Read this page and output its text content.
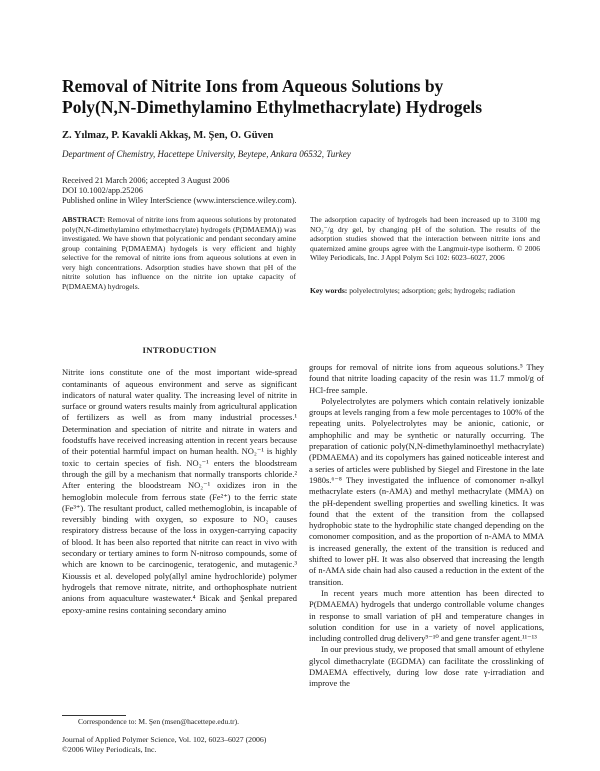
Removal of Nitrite Ions from Aqueous Solutions by
Poly(N,N-Dimethylamino Ethylmethacrylate) Hydrogels
Z. Yılmaz, P. Kavakli Akkaş, M. Şen, O. Güven
Department of Chemistry, Hacettepe University, Beytepe, Ankara 06532, Turkey
Received 21 March 2006; accepted 3 August 2006
DOI 10.1002/app.25206
Published online in Wiley InterScience (www.interscience.wiley.com).
ABSTRACT: Removal of nitrite ions from aqueous solutions by protonated poly(N,N-dimethylamino ethylmethacrylate) hydrogels (P(DMAEMA)) was investigated. We have shown that polycationic and pendant secondary amine group containing P(DMAEMA) hydogels is very efficient and highly selective for the removal of nitrite ions from aqueous solutions at even in very high concentrations. Adsorption studies have shown that pH of the nitrite solution has influence on the nitrite ion uptake capacity of P(DMAEMA) hydrogels.
The adsorption capacity of hydrogels had been increased up to 3100 mg NO₂⁻/g dry gel, by changing pH of the solution. The results of the adsorption studies showed that the interaction between nitrite ions and quaternized amine groups agree with the Langmuir-type isotherm. © 2006 Wiley Periodicals, Inc. J Appl Polym Sci 102: 6023–6027, 2006
Key words: polyelectrolytes; adsorption; gels; hydrogels; radiation
INTRODUCTION

Nitrite ions constitute one of the most important wide-spread contaminants of aqueous environment and serve as significant indicators of natural water quality. The increasing level of nitrite in surface or ground waters results mainly from agricultural application of fertilizers as well as from many industrial processes.¹ Determination and speciation of nitrite and nitrate in waters and foodstuffs have received increasing attention in recent years because of their potential harmful impact on human health. NO₂⁻¹ is highly toxic to certain species of fish. NO₂⁻¹ enters the bloodstream through the gill by a mechanism that normally transports chloride.² After entering the bloodstream NO₂⁻¹ oxidizes iron in the hemoglobin molecule from ferrous state (Fe²⁺) to the ferric state (Fe³⁺). The resultant product, called methemoglobin, is incapable of reversibly binding with oxygen, so exposure to NO₂ causes respiratory distress because of the loss in oxygen-carrying capacity of blood. It has been also reported that nitrite can react in vivo with secondary or tertiary amines to form N-nitroso compounds, some of which are known to be carcinogenic, teratogenic, and mutagenic.³ Kioussis et al. developed poly(allyl amine hydrochloride) polymer hydrogels that remove nitrate, nitrite, and orthophosphate nutrient anions from aquaculture wastewater.⁴ Bicak and Şenkal prepared epoxy-amine resins containing secondary amino

groups for removal of nitrite ions from aqueous solutions.⁵ They found that nitrite loading capacity of the resin was 11.7 mmol/g of HCl-free sample.

Polyelectrolytes are polymers which contain relatively ionizable groups at levels ranging from a few mole percentages to 100% of the repeating units. Polyelectrolytes may be anionic, cationic, or amphophilic and may be synthetic or naturally occurring. The preparation of cationic poly(N,N-dimethylaminoethyl methacrylate) (PDMAEMA) and its copolymers has gained noticeable interest and a series of articles were published by Siegel and Firestone in the late 1980s.⁶⁻⁸ They investigated the influence of comonomer n-alkyl methacrylate esters (n-AMA) and methyl methacrylate (MMA) on the pH-dependent swelling properties and swelling kinetics. It was found that the extent of the transition from the collapsed hydrophobic state to the hydrophilic state changed depending on the comonomer composition, and as the proportion of n-AMA to MMA is increased generally, the extent of the transition is reduced and shifted to lower pH. It was also observed that increasing the length of n-AMA side chain had also caused a reduction in the extent of the transition.

In recent years much more attention has been directed to P(DMAEMA) hydrogels that undergo controllable volume changes in response to small variation of pH and temperature changes in solution condition for use in a variety of novel applications, including controlled drug delivery⁹⁻¹⁰ and gene transfer agent.¹¹⁻¹³

In our previous study, we proposed that small amount of ethylene glycol dimethacrylate (EGDMA) can facilitate the crosslinking of DMAEMA effectively, during low dose rate γ-irradiation and improve the

Correspondence to: M. Şen (msen@hacettepe.edu.tr).
Journal of Applied Polymer Science, Vol. 102, 6023–6027 (2006)
©2006 Wiley Periodicals, Inc.
